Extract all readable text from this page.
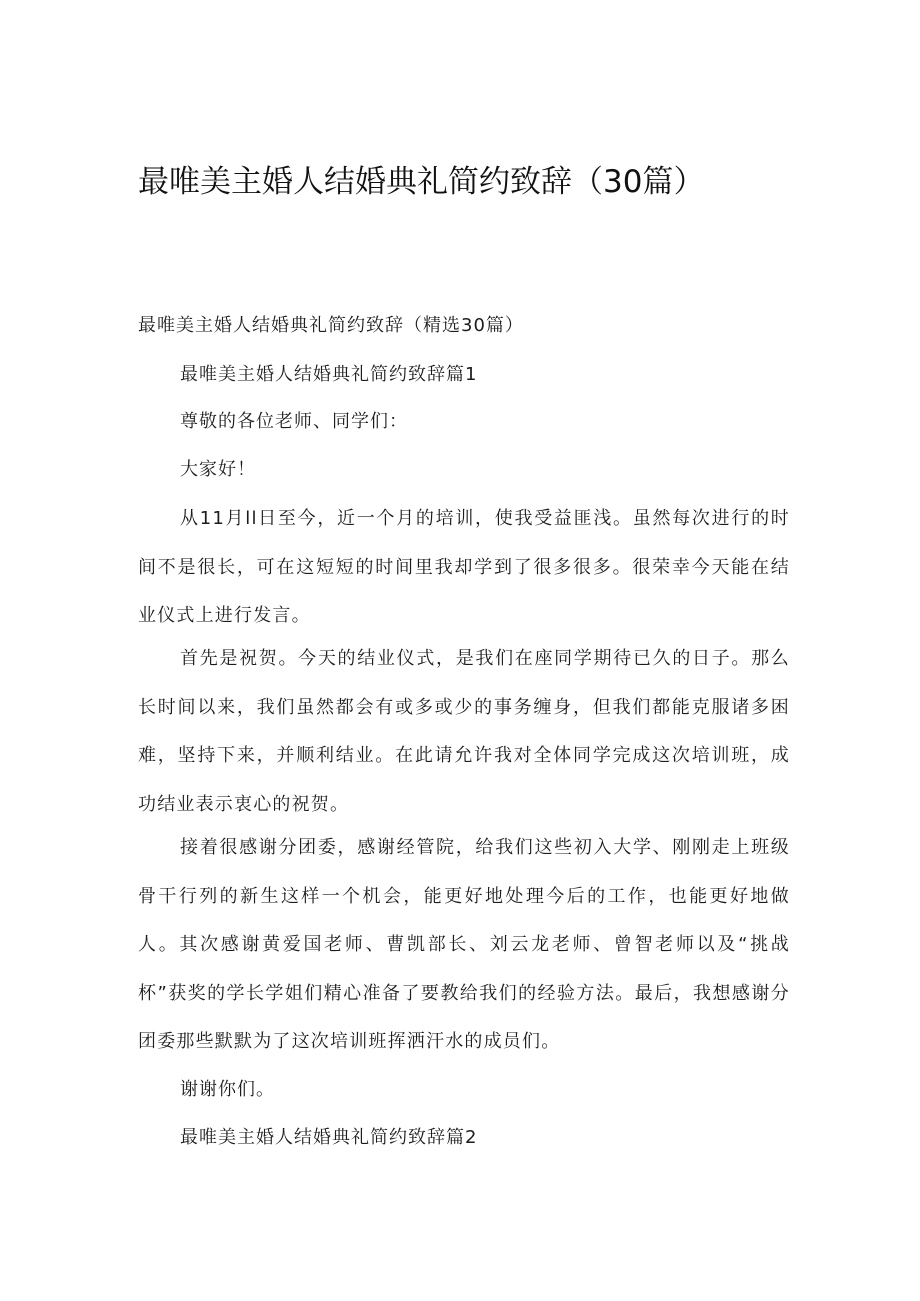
最唯美主婚人结婚典礼简约致辞（30篇）
最唯美主婚人结婚典礼简约致辞（精选30篇）
最唯美主婚人结婚典礼简约致辞篇1
尊敬的各位老师、同学们：
大家好！
从11月ll日至今，近一个月的培训，使我受益匪浅。虽然每次进行的时间不是很长，可在这短短的时间里我却学到了很多很多。很荣幸今天能在结业仪式上进行发言。
首先是祝贺。今天的结业仪式，是我们在座同学期待已久的日子。那么长时间以来，我们虽然都会有或多或少的事务缠身，但我们都能克服诸多困难，坚持下来，并顺利结业。在此请允许我对全体同学完成这次培训班，成功结业表示衷心的祝贺。
接着很感谢分团委，感谢经管院，给我们这些初入大学、刚刚走上班级骨干行列的新生这样一个机会，能更好地处理今后的工作，也能更好地做人。其次感谢黄爱国老师、曹凯部长、刘云龙老师、曾智老师以及“挑战杯”获奖的学长学姐们精心准备了要教给我们的经验方法。最后，我想感谢分团委那些默默为了这次培训班挥洒汗水的成员们。
谢谢你们。
最唯美主婚人结婚典礼简约致辞篇2
